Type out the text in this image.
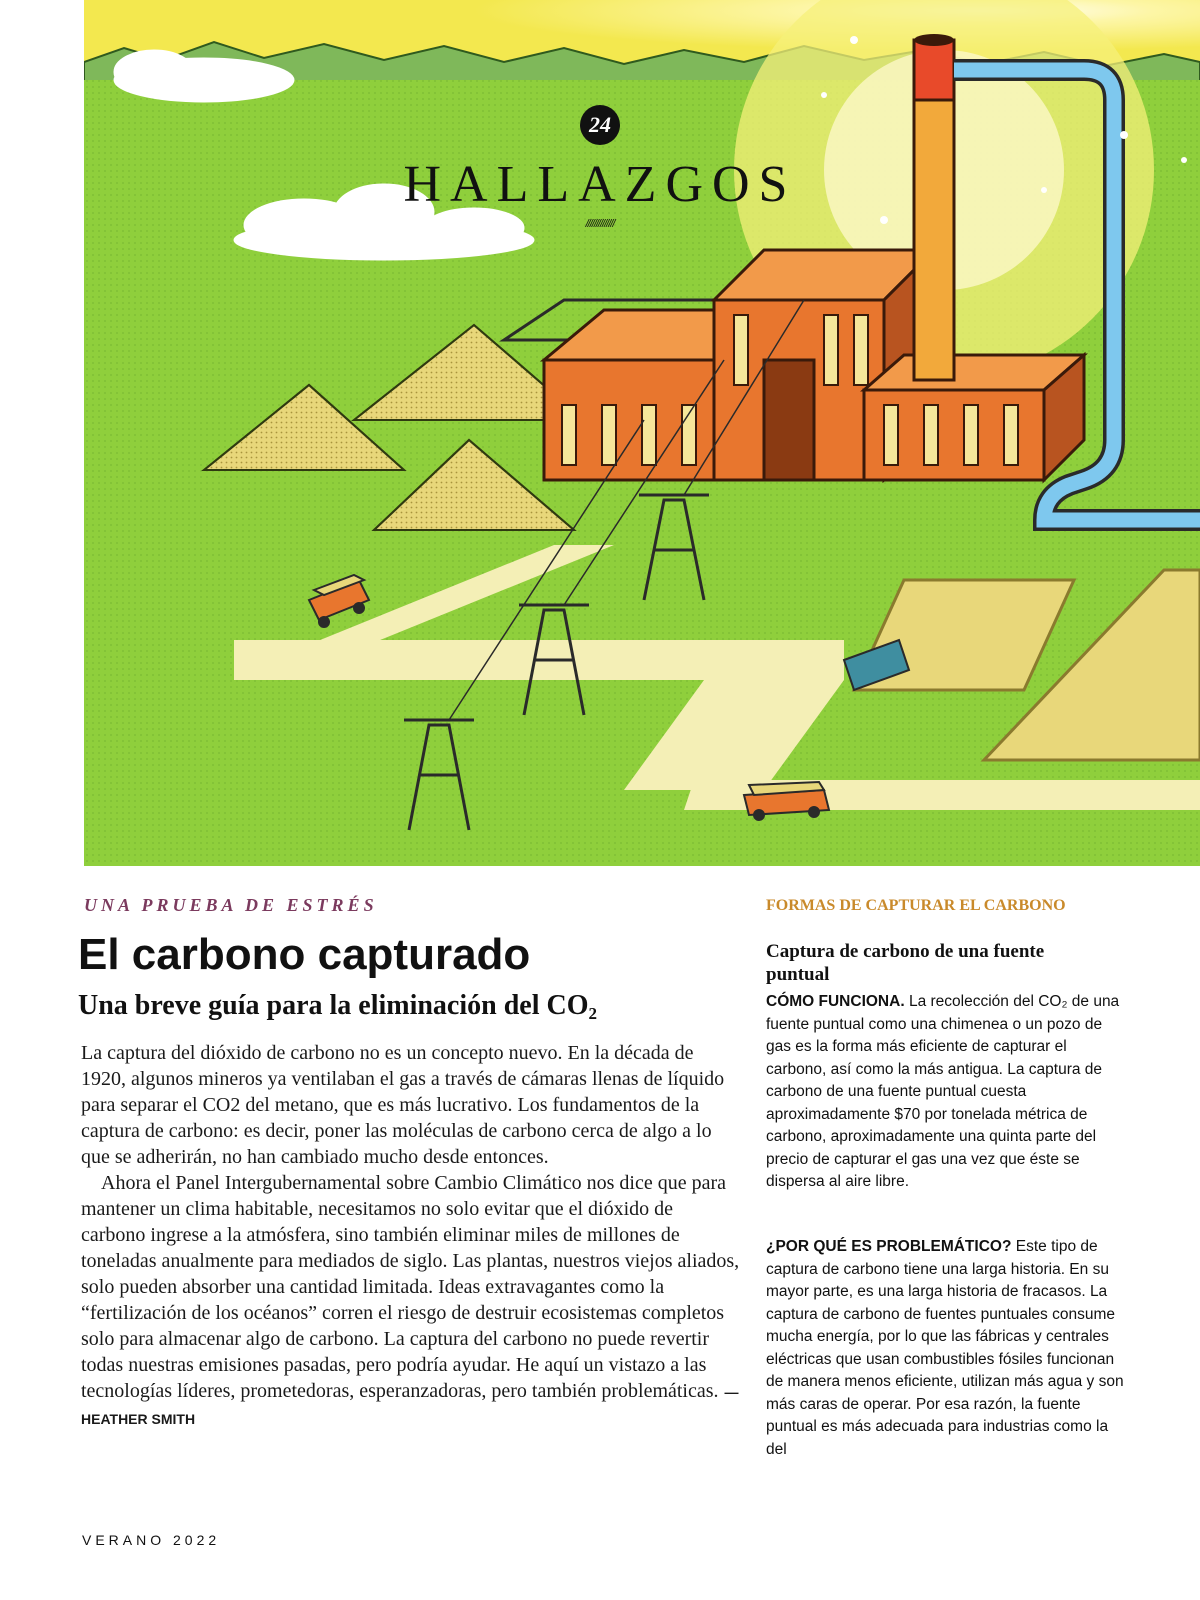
24
HALLAZGOS
//////////////

UNA PRUEBA DE ESTRÉS

El carbono capturado
Una breve guía para la eliminación del $CO_2$

La captura del dióxido de carbono no es un concepto nuevo. En la década de 1920, algunos mineros ya ventilaban el gas a través de cámaras llenas de líquido para separar el CO2 del metano, que es más lucrativo. Los fundamentos de la captura de carbono: es decir, poner las moléculas de carbono cerca de algo a lo que se adherirán, no han cambiado mucho desde entonces.

Ahora el Panel Intergubernamental sobre Cambio Climático nos dice que para mantener un clima habitable, necesitamos no solo evitar que el dióxido de carbono ingrese a la atmósfera, sino también eliminar miles de millones de toneladas anualmente para mediados de siglo. Las plantas, nuestros viejos aliados, solo pueden absorber una cantidad limitada. Ideas extravagantes como la “fertilización de los océanos” corren el riesgo de destruir ecosistemas completos solo para almacenar algo de carbono. La captura del carbono no puede revertir todas nuestras emisiones pasadas, pero podría ayudar. He aquí un vistazo a las tecnologías líderes, prometedoras, esperanzadoras, pero también problemáticas. —HEATHER SMITH

FORMAS DE CAPTURAR EL CARBONO

Captura de carbono de una fuente puntual

CÓMO FUNCIONA. La recolección del CO₂ de una fuente puntual como una chimenea o un pozo de gas es la forma más eficiente de capturar el carbono, así como la más antigua. La captura de carbono de una fuente puntual cuesta aproximadamente $70 por tonelada métrica de carbono, aproximadamente una quinta parte del precio de capturar el gas una vez que éste se dispersa al aire libre.

¿POR QUÉ ES PROBLEMÁTICO? Este tipo de captura de carbono tiene una larga historia. En su mayor parte, es una larga historia de fracasos. La captura de carbono de fuentes puntuales consume mucha energía, por lo que las fábricas y centrales eléctricas que usan combustibles fósiles funcionan de manera menos eficiente, utilizan más agua y son más caras de operar. Por esa razón, la fuente puntual es más adecuada para industrias como la del

VERANO 2022
